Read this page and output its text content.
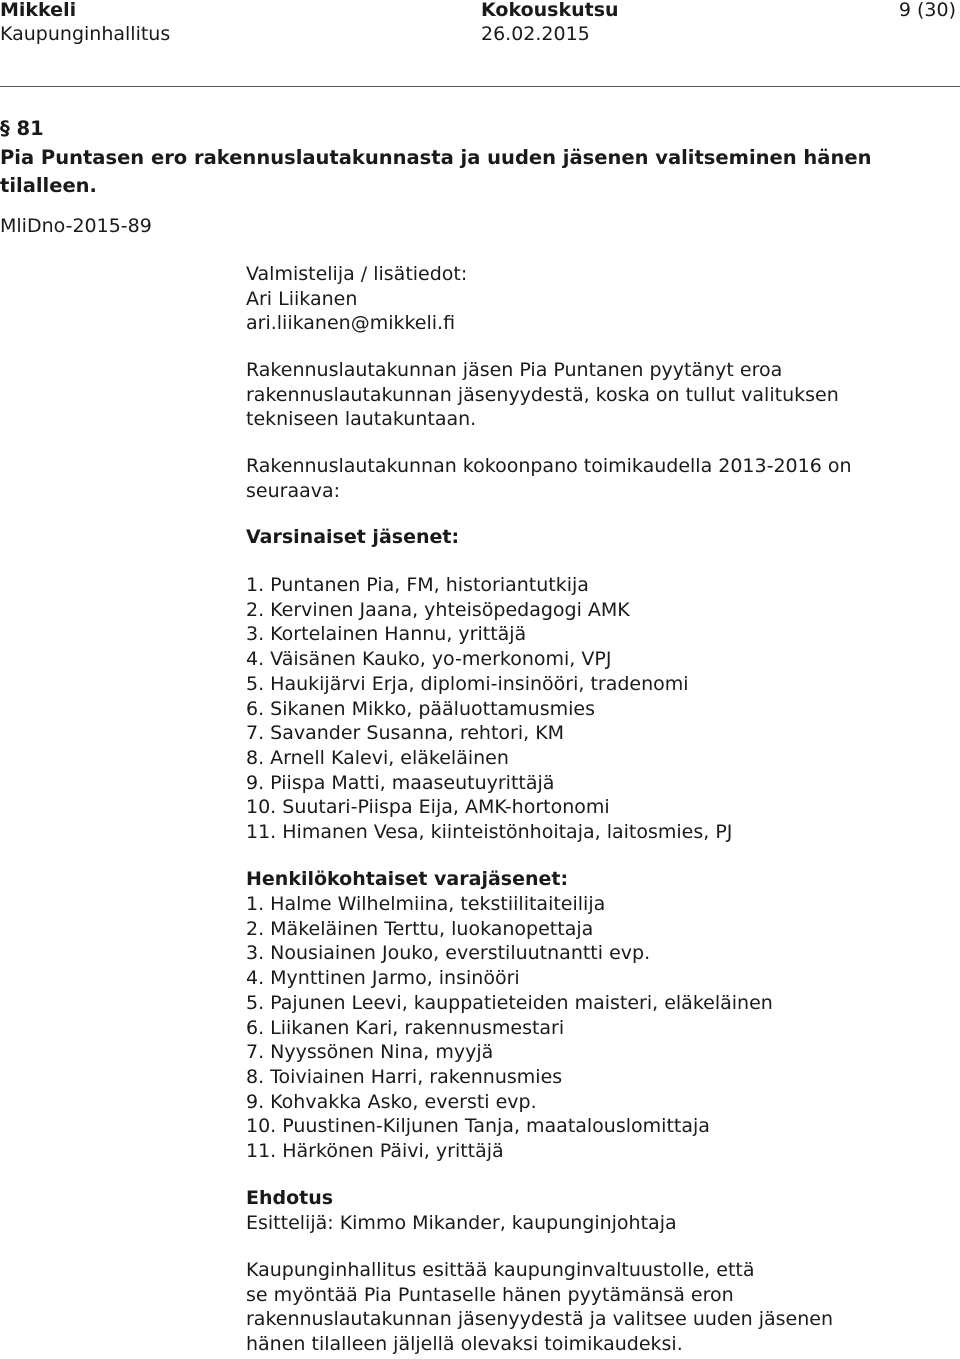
Mikkeli	Kokouskutsu	9 (30)
Kaupunginhallitus	26.02.2015
§ 81
Pia Puntasen ero rakennuslautakunnasta ja uuden jäsenen valitseminen hänen
tilalleen.
MliDno-2015-89
Valmistelija / lisätiedot:
Ari Liikanen
ari.liikanen@mikkeli.fi
Rakennuslautakunnan jäsen Pia Puntanen pyytänyt eroa
rakennuslautakunnan jäsenyydestä, koska on tullut valituksen
tekniseen lautakuntaan.
Rakennuslautakunnan kokoonpano toimikaudella 2013-2016 on
seuraava:
Varsinaiset jäsenet:
1. Puntanen Pia, FM, historiantutkija
2. Kervinen Jaana, yhteisöpedagogi AMK
3. Kortelainen Hannu, yrittäjä
4. Väisänen Kauko, yo-merkonomi, VPJ
5. Haukijärvi Erja, diplomi-insinööri, tradenomi
6. Sikanen Mikko, pääluottamusmies
7. Savander Susanna, rehtori, KM
8. Arnell Kalevi, eläkeläinen
9. Piispa Matti, maaseutuyrittäjä
10. Suutari-Piispa Eija, AMK-hortonomi
11. Himanen Vesa, kiinteistönhoitaja, laitosmies, PJ
Henkilökohtaiset varajäsenet:
1. Halme Wilhelmiina, tekstiilitaiteilija
2. Mäkeläinen Terttu, luokanopettaja
3. Nousiainen Jouko, everstiluutnantti evp.
4. Mynttinen Jarmo, insinööri
5. Pajunen Leevi, kauppatieteiden maisteri, eläkeläinen
6. Liikanen Kari, rakennusmestari
7. Nyyssönen Nina, myyjä
8. Toiviainen Harri, rakennusmies
9. Kohvakka Asko, eversti evp.
10. Puustinen-Kiljunen Tanja, maatalouslomittaja
11. Härkönen Päivi, yrittäjä
Ehdotus
Esittelijä: Kimmo Mikander, kaupunginjohtaja
Kaupunginhallitus esittää kaupunginvaltuustolle, että
se myöntää Pia Puntaselle hänen pyytämänsä eron
rakennuslautakunnan jäsenyydestä ja valitsee uuden jäsenen
hänen tilalleen jäljellä olevaksi toimikaudeksi.
